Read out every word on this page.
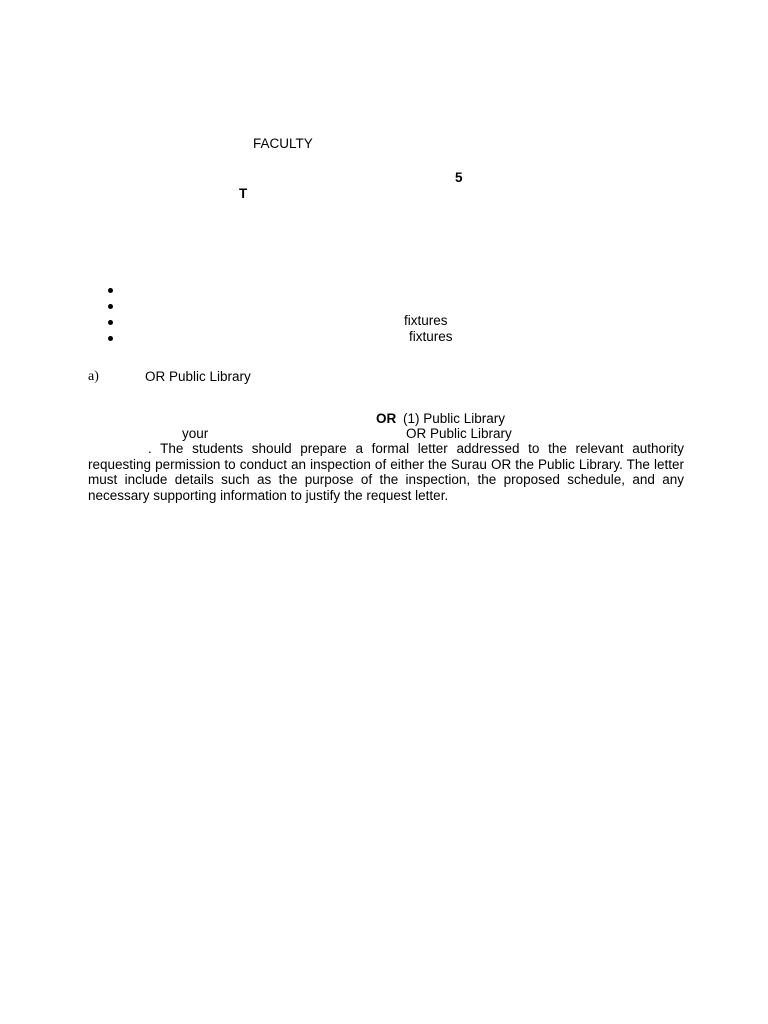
FACULTY
5
T
fixtures
fixtures
a)	OR Public Library
OR (1) Public Library
your	OR Public Library
. The students should prepare a formal letter addressed to the relevant authority requesting permission to conduct an inspection of either the Surau OR the Public Library. The letter must include details such as the purpose of the inspection, the proposed schedule, and any necessary supporting information to justify the request letter.
